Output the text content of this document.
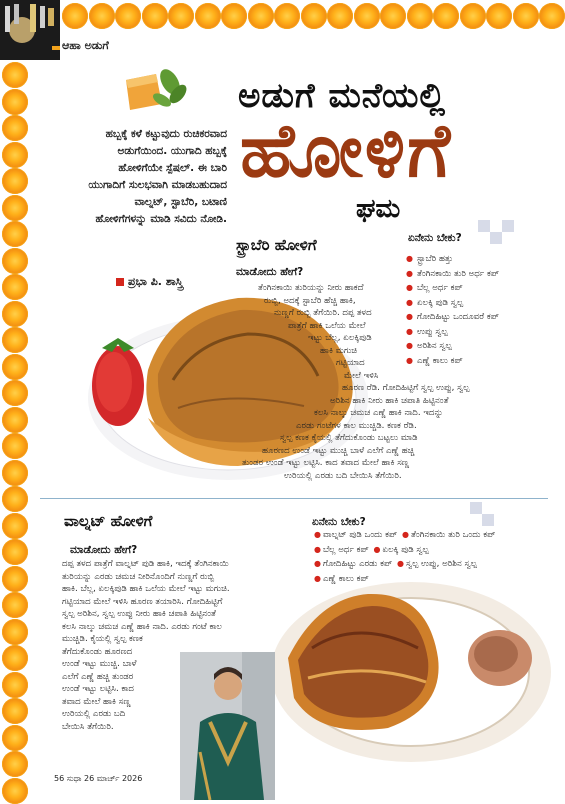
ಆಹಾ ಅಡುಗೆ
ಅಡುಗೆ ಮನೆಯಲ್ಲಿ
ಹೋಳಿಗೆ
ಘಮ
ಹಬ್ಬಕ್ಕೆ ಕಳೆ ಕಟ್ಟುವುದು ರುಚಿಕರವಾದ ಅಡುಗೆಯಿಂದ. ಯುಗಾದಿ ಹಬ್ಬಕ್ಕೆ ಹೋಳಿಗೆಯೇ ಸ್ಪೆಷಲ್. ಈ ಬಾರಿ ಯುಗಾದಿಗೆ ಸುಲಭವಾಗಿ ಮಾಡಬಹುದಾದ ವಾಲ್ನಟ್, ಸ್ಟಾಬೆರಿ, ಬಟಾಣಿ ಹೋಳಿಗೆಗಳನ್ನು ಮಾಡಿ ಸವಿದು ನೋಡಿ.
ಪ್ರಭಾ ಪಿ. ಶಾಸ್ತ್ರಿ
ಸ್ಟ್ರಾಬೆರಿ ಹೋಳಿಗೆ
ಮಾಡೋದು ಹೇಗೆ?
ಏನೇನು ಬೇಕು?
● ಸ್ಟ್ರಾಬೆರಿ ಹತ್ತು
● ತೆಂಗಿನಕಾಯಿ ತುರಿ ಅರ್ಧ ಕಪ್
● ಬೆಲ್ಲ ಅರ್ಧ ಕಪ್
● ಏಲಕ್ಕಿ ಪುಡಿ ಸ್ವಲ್ಪ
● ಗೋದಿಹಿಟ್ಟು ಒಂದೂವರೆ ಕಪ್
● ಉಪ್ಪು ಸ್ವಲ್ಪ
● ಅರಿಶಿನ ಸ್ವಲ್ಪ
● ಎಣ್ಣೆ ಕಾಲು ಕಪ್
ತೆಂಗಿನಕಾಯಿ ತುರಿಯನ್ನು ನೀರು ಹಾಕದೆ
ರುಬ್ಬಿ, ಅದಕ್ಕೆ ಸ್ಟಾಬೆರಿ ಹೆಚ್ಚಿ ಹಾಕಿ,
ನುಣ್ಣಗೆ ರುಬ್ಬಿ ತೆಗೆಯಿರಿ. ದಪ್ಪ ತಳದ
ಪಾತ್ರೆಗೆ ಹಾಕಿ ಒಲೆಯ ಮೇಲೆ
ಇಟ್ಟು ಬೆಲ್ಲ, ಏಲಕ್ಕಿಪುಡಿ
ಹಾಕಿ ಮಗುಚಿ
ಗಟ್ಟಿಯಾದ
ಮೇಲೆ ಇಳಿಸಿ
ಹೂರಣ ರೆಡಿ. ಗೋದಿಹಿಟ್ಟಿಗೆ ಸ್ವಲ್ಪ ಉಪ್ಪು, ಸ್ವಲ್ಪ
ಅರಿಶಿನ ಹಾಕಿ ನೀರು ಹಾಕಿ ಚಪಾತಿ ಹಿಟ್ಟಿನಂತೆ
ಕಲಸಿ ನಾಲ್ಕು ಚಮಚ ಎಣ್ಣೆ ಹಾಕಿ ನಾದಿ. ಇದನ್ನು
ಎರಡು ಗಂಟೆಗಳ ಕಾಲ ಮುಚ್ಚಿಡಿ. ಕಣಕ ರೆಡಿ.
ಸ್ವಲ್ಪ ಕಣಕ ಕೈಯಲ್ಲಿ ತೆಗೆದುಕೊಂಡು ಬಟ್ಟಲು ಮಾಡಿ
ಹೂರಣದ ಉಂಡೆ ಇಟ್ಟು ಮುಚ್ಚಿ ಬಾಳೆ ಎಲೆಗೆ ಎಣ್ಣೆ ಹಚ್ಚಿ
ತುಂಡರ ಉಂಡೆ ಇಟ್ಟು ಲಟ್ಟಿಸಿ. ಕಾದ ತವಾದ ಮೇಲೆ ಹಾಕಿ ಸಣ್ಣ
ಉರಿಯಲ್ಲಿ ಎರಡು ಬದಿ ಬೇಯಿಸಿ ತೆಗೆಯಿರಿ.
ವಾಲ್ನಟ್ ಹೋಳಿಗೆ
ಮಾಡೋದು ಹೇಗೆ?
ದಪ್ಪ ತಳದ ಪಾತ್ರೆಗೆ ವಾಲ್ನಟ್ ಪುಡಿ ಹಾಕಿ, ಇದಕ್ಕೆ ತೆಂಗಿನಕಾಯಿ
ತುರಿಯನ್ನು ಎರಡು ಚಮಚ ನೀರಿನೊಂದಿಗೆ ನುಣ್ಣಗೆ ರುಬ್ಬಿ
ಹಾಕಿ. ಬೆಲ್ಲ, ಏಲಕ್ಕಿಪುಡಿ ಹಾಕಿ ಒಲೆಯ ಮೇಲೆ ಇಟ್ಟು ಮಗುಚಿ.
ಗಟ್ಟಿಯಾದ ಮೇಲೆ ಇಳಿಸಿ ಹೂರಣ ತಯಾರಿಸಿ. ಗೋದಿಹಿಟ್ಟಿಗೆ
ಸ್ವಲ್ಪ ಅರಿಶಿನ, ಸ್ವಲ್ಪ ಉಪ್ಪು ನೀರು ಹಾಕಿ ಚಪಾತಿ ಹಿಟ್ಟಿನಂತೆ
ಕಲಸಿ ನಾಲ್ಕು ಚಮಚ ಎಣ್ಣೆ ಹಾಕಿ ನಾದಿ. ಎರಡು ಗಂಟೆ ಕಾಲ
ಮುಚ್ಚಿಡಿ. ಕೈಯಲ್ಲಿ ಸ್ವಲ್ಪ ಕಣಕ
ತೆಗೆದುಕೊಂಡು ಹೂರಣದ
ಉಂಡೆ ಇಟ್ಟು ಮುಚ್ಚಿ. ಬಾಳೆ
ಎಲೆಗೆ ಎಣ್ಣೆ ಹಚ್ಚಿ ತುಂಡರ
ಉಂಡೆ ಇಟ್ಟು ಲಟ್ಟಿಸಿ. ಕಾದ
ತವಾದ ಮೇಲೆ ಹಾಕಿ ಸಣ್ಣ
ಉರಿಯಲ್ಲಿ ಎರಡು ಬದಿ
ಬೇಯಿಸಿ ತೆಗೆಯಿರಿ.
ಏನೇನು ಬೇಕು?
● ವಾಲ್ನಟ್ ಪುಡಿ ಒಂದು ಕಪ್ ● ತೆಂಗಿನಕಾಯಿ ತುರಿ ಒಂದು ಕಪ್
● ಬೆಲ್ಲ ಅರ್ಧ ಕಪ್ ● ಏಲಕ್ಕಿ ಪುಡಿ ಸ್ವಲ್ಪ
● ಗೋದಿಹಿಟ್ಟು ಎರಡು ಕಪ್ ● ಸ್ವಲ್ಪ ಉಪ್ಪು, ಅರಿಶಿನ ಸ್ವಲ್ಪ
● ಎಣ್ಣೆ ಕಾಲು ಕಪ್
56 ಸುಧಾ 26 ಮಾರ್ಚ್ 2026
